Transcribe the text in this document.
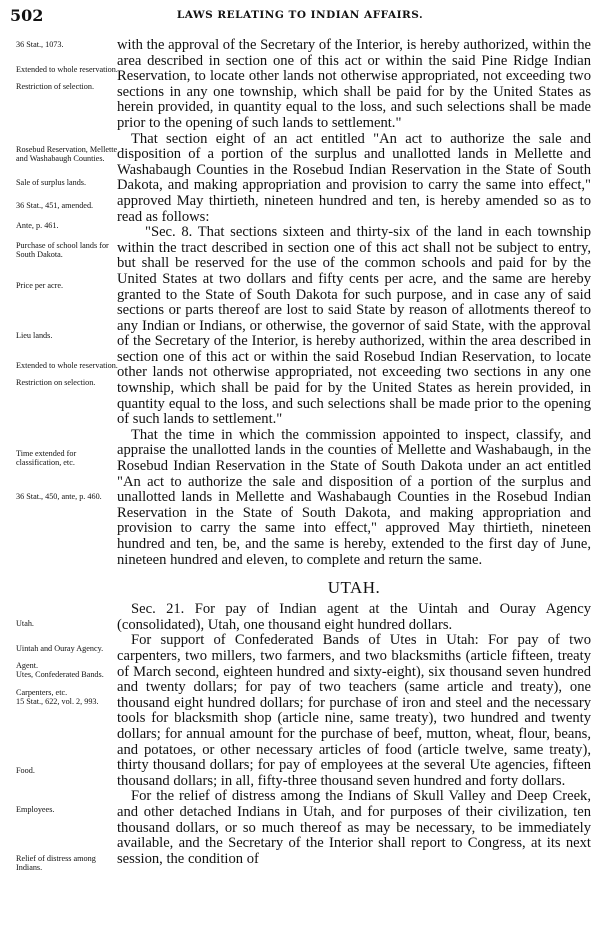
502	LAWS RELATING TO INDIAN AFFAIRS.
36 Stat., 1073.
Extended to whole reservation.
Restriction of selection.
Rosebud Reservation, Mellette and Washabaugh Counties.
Sale of surplus lands.
36 Stat., 451, amended.
Ante, p. 461.
Purchase of school lands for South Dakota.
Price per acre.
Lieu lands.
Extended to whole reservation.
Restriction on selection.
Time extended for classification, etc.
36 Stat., 450, ante, p. 460.
Utah.
Uintah and Ouray Agency.
Agent.
Utes, Confederated Bands.
Carpenters, etc.
15 Stat., 622, vol. 2, 993.
Food.
Employees.
Relief of distress among Indians.

with the approval of the Secretary of the Interior, is hereby authorized, within the area described in section one of this act or within the said Pine Ridge Indian Reservation, to locate other lands not otherwise appropriated, not exceeding two sections in any one township, which shall be paid for by the United States as herein provided, in quantity equal to the loss, and such selections shall be made prior to the opening of such lands to settlement."

That section eight of an act entitled "An act to authorize the sale and disposition of a portion of the surplus and unallotted lands in Mellette and Washabaugh Counties in the Rosebud Indian Reservation in the State of South Dakota, and making appropriation and provision to carry the same into effect," approved May thirtieth, nineteen hundred and ten, is hereby amended so as to read as follows:

"Sec. 8. That sections sixteen and thirty-six of the land in each township within the tract described in section one of this act shall not be subject to entry, but shall be reserved for the use of the common schools and paid for by the United States at two dollars and fifty cents per acre, and the same are hereby granted to the State of South Dakota for such purpose, and in case any of said sections or parts thereof are lost to said State by reason of allotments thereof to any Indian or Indians, or otherwise, the governor of said State, with the approval of the Secretary of the Interior, is hereby authorized, within the area described in section one of this act or within the said Rosebud Indian Reservation, to locate other lands not otherwise appropriated, not exceeding two sections in any one township, which shall be paid for by the United States as herein provided, in quantity equal to the loss, and such selections shall be made prior to the opening of such lands to settlement."

That the time in which the commission appointed to inspect, classify, and appraise the unallotted lands in the counties of Mellette and Washabaugh, in the Rosebud Indian Reservation in the State of South Dakota under an act entitled "An act to authorize the sale and disposition of a portion of the surplus and unallotted lands in Mellette and Washabaugh Counties in the Rosebud Indian Reservation in the State of South Dakota, and making appropriation and provision to carry the same into effect," approved May thirtieth, nineteen hundred and ten, be, and the same is hereby, extended to the first day of June, nineteen hundred and eleven, to complete and return the same.

UTAH.

Sec. 21. For pay of Indian agent at the Uintah and Ouray Agency (consolidated), Utah, one thousand eight hundred dollars.

For support of Confederated Bands of Utes in Utah: For pay of two carpenters, two millers, two farmers, and two blacksmiths (article fifteen, treaty of March second, eighteen hundred and sixty-eight), six thousand seven hundred and twenty dollars; for pay of two teachers (same article and treaty), one thousand eight hundred dollars; for purchase of iron and steel and the necessary tools for blacksmith shop (article nine, same treaty), two hundred and twenty dollars; for annual amount for the purchase of beef, mutton, wheat, flour, beans, and potatoes, or other necessary articles of food (article twelve, same treaty), thirty thousand dollars; for pay of employees at the several Ute agencies, fifteen thousand dollars; in all, fifty-three thousand seven hundred and forty dollars.

For the relief of distress among the Indians of Skull Valley and Deep Creek, and other detached Indians in Utah, and for purposes of their civilization, ten thousand dollars, or so much thereof as may be necessary, to be immediately available, and the Secretary of the Interior shall report to Congress, at its next session, the condition of
